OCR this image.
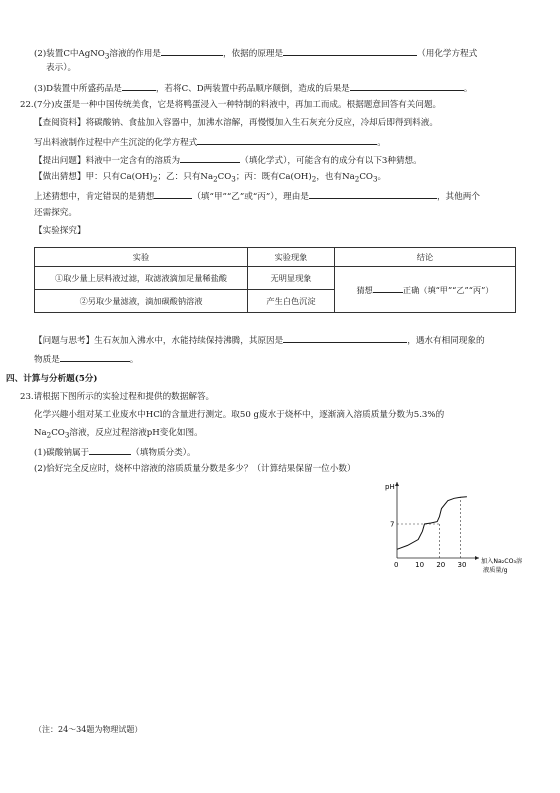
(2)装置C中AgNO$_3$溶液的作用是	，依据的原理是	（用化学方程式
表示）。
(3)D装置中所盛药品是	，若将C、D两装置中药品顺序颠倒，造成的后果是	。
22.(7分)皮蛋是一种中国传统美食，它是将鸭蛋浸入一种特制的料液中，再加工而成。根据题意回答有关问题。
【查阅资料】将碳酸钠、食盐加入容器中，加沸水溶解，再慢慢加入生石灰充分反应，冷却后即得到料液。
写出料液制作过程中产生沉淀的化学方程式	。
【提出问题】料液中一定含有的溶质为	（填化学式），可能含有的成分有以下3种猜想。
【做出猜想】甲：只有$Ca(OH)_2$；乙：只有$Na_2CO_3$；丙：既有$Ca(OH)_2$，也有$Na_2CO_3$。
上述猜想中，肯定错误的是猜想	（填“甲”“乙”或“丙”），理由是	，其他两个
还需探究。
【实验探究】
实验	实验现象	结论
①取少量上层料液过滤，取滤液滴加足量稀盐酸	无明显现象	猜想 正确（填“甲”“乙”“丙”）
②另取少量滤液，滴加碳酸钠溶液	产生白色沉淀	
【问题与思考】生石灰加入沸水中，水能持续保持沸腾，其原因是	，遇水有相同现象的
物质是	。
四、计算与分析题(5分)
23.请根据下图所示的实验过程和提供的数据解答。
化学兴趣小组对某工业废水中HCl的含量进行测定。取50 g废水于烧杯中，逐渐滴入溶质质量分数为5.3%的
$Na_2CO_3$溶液，反应过程溶液pH变化如图。
(1)碳酸钠属于	（填物质分类）。
(2)恰好完全反应时，烧杯中溶液的溶质质量分数是多少？（计算结果保留一位小数）
pH
7
0 10 20 30 加入Na₂CO₃溶
液质量/g
（注：24～34题为物理试题）
